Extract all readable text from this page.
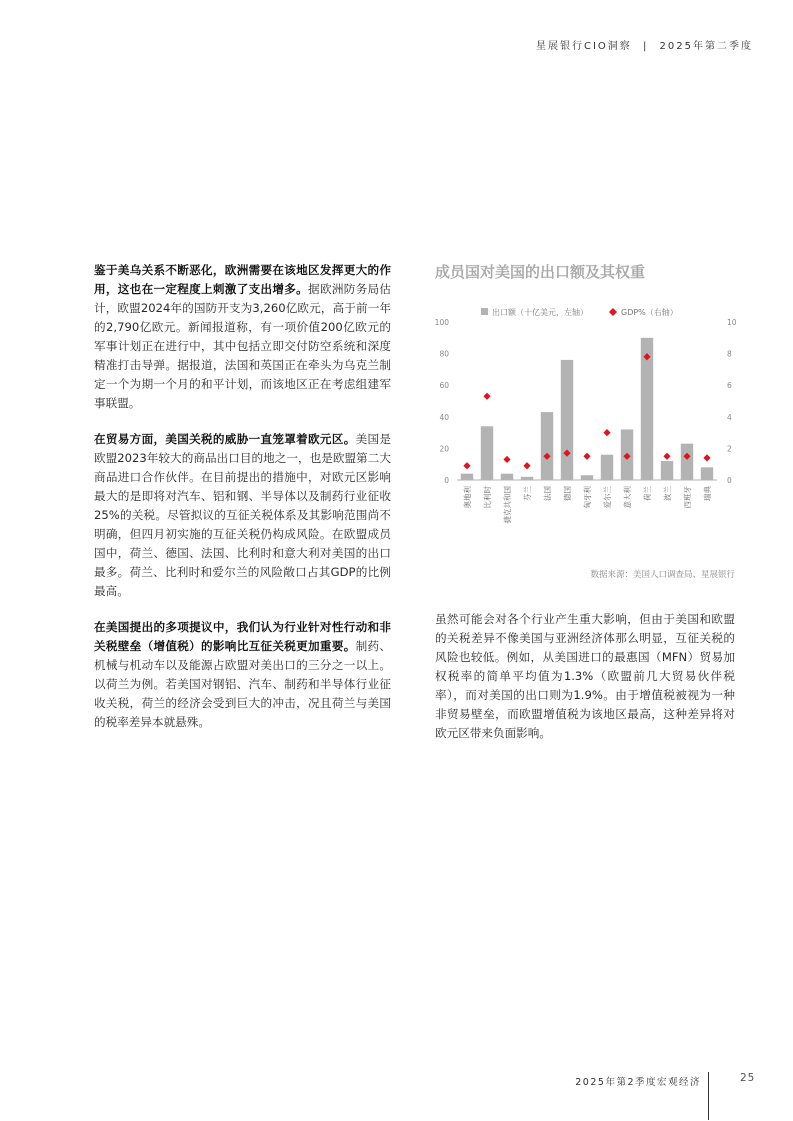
星展银行CIO洞察 | 2025年第二季度

鉴于美乌关系不断恶化，欧洲需要在该地区发挥更大的作用，这也在一定程度上刺激了支出增多。据欧洲防务局估计，欧盟2024年的国防开支为3,260亿欧元，高于前一年的2,790亿欧元。新闻报道称，有一项价值200亿欧元的军事计划正在进行中，其中包括立即交付防空系统和深度精准打击导弹。据报道，法国和英国正在牵头为乌克兰制定一个为期一个月的和平计划，而该地区正在考虑组建军事联盟。

在贸易方面，美国关税的威胁一直笼罩着欧元区。美国是欧盟2023年较大的商品出口目的地之一，也是欧盟第二大商品进口合作伙伴。在目前提出的措施中，对欧元区影响最大的是即将对汽车、铝和钢、半导体以及制药行业征收25%的关税。尽管拟议的互征关税体系及其影响范围尚不明确，但四月初实施的互征关税仍构成风险。在欧盟成员国中，荷兰、德国、法国、比利时和意大利对美国的出口最多。荷兰、比利时和爱尔兰的风险敞口占其GDP的比例最高。

在美国提出的多项提议中，我们认为行业针对性行动和非关税壁垒（增值税）的影响比互征关税更加重要。制药、机械与机动车以及能源占欧盟对美出口的三分之一以上。以荷兰为例。若美国对钢铝、汽车、制药和半导体行业征收关税，荷兰的经济会受到巨大的冲击，况且荷兰与美国的税率差异本就悬殊。

成员国对美国的出口额及其权重
出口额（十亿美元，左轴）	GDP%（右轴）
0
20
40
60
80
100
0
2
4
6
8
10
奥地利 比利时 捷克共和国 芬兰 法国 德国 匈牙利 爱尔兰 意大利 荷兰 波兰 西班牙 瑞典
数据来源：美国人口调查局、星展银行

虽然可能会对各个行业产生重大影响，但由于美国和欧盟的关税差异不像美国与亚洲经济体那么明显，互征关税的风险也较低。例如，从美国进口的最惠国（MFN）贸易加权税率的简单平均值为1.3%（欧盟前几大贸易伙伴税率），而对美国的出口则为1.9%。由于增值税被视为一种非贸易壁垒，而欧盟增值税为该地区最高，这种差异将对欧元区带来负面影响。

2025年第2季度宏观经济	25
